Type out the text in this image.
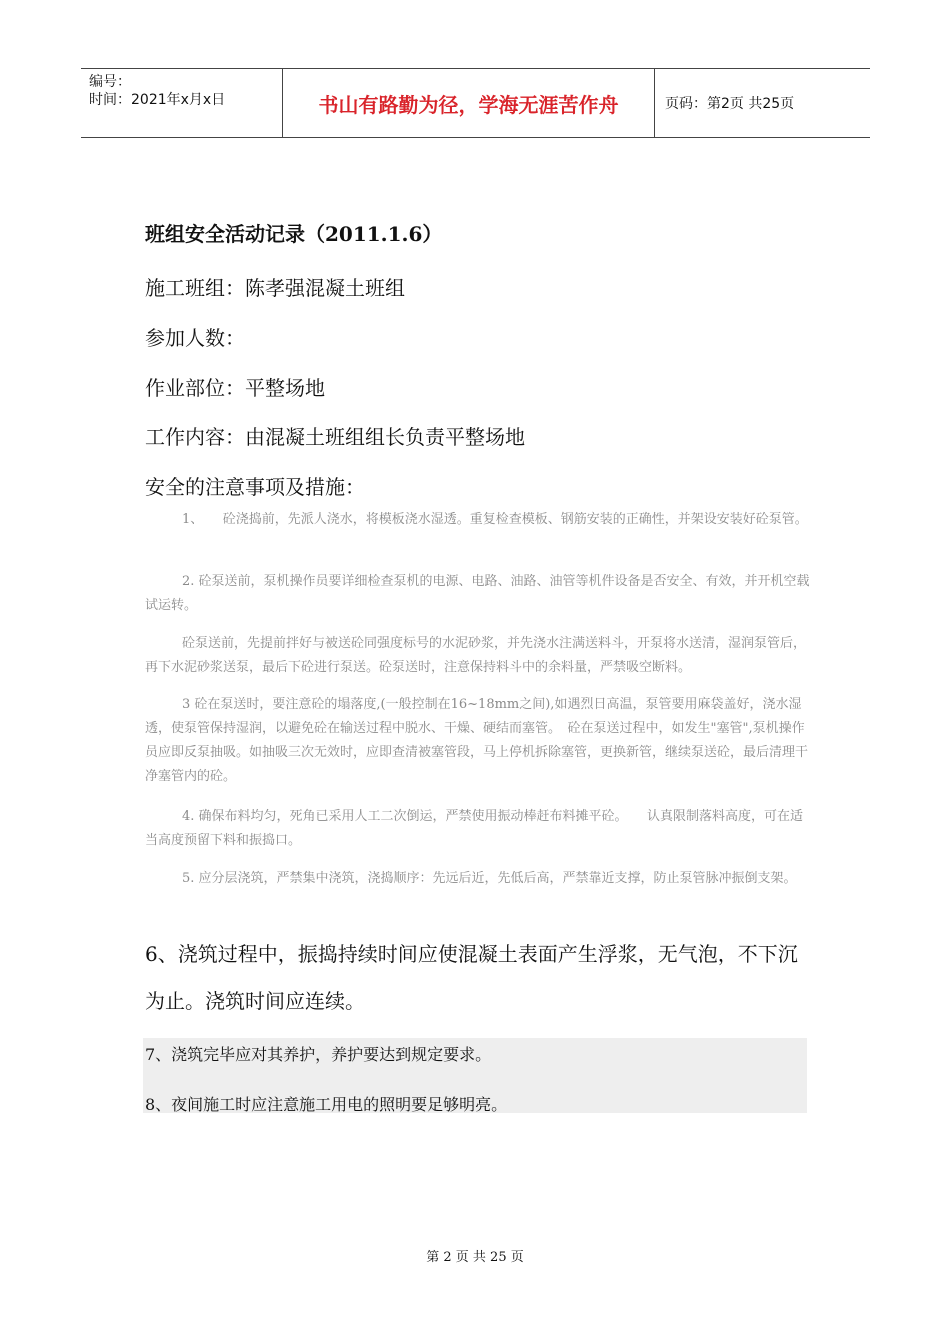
编号：
时间：2021年x月x日	书山有路勤为径，学海无涯苦作舟	页码：第2页 共25页
班组安全活动记录（2011.1.6）
施工班组：陈孝强混凝土班组
参加人数：
作业部位：平整场地
工作内容：由混凝土班组组长负责平整场地
安全的注意事项及措施：
1、　　砼浇捣前，先派人浇水，将模板浇水湿透。重复检查模板、钢筋安装的正确性，并架设安装好砼泵管。
2. 砼泵送前，泵机操作员要详细检查泵机的电源、电路、油路、油管等机件设备是否安全、有效，并开机空载试运转。
砼泵送前，先提前拌好与被送砼同强度标号的水泥砂浆，并先浇水注满送料斗，开泵将水送清，湿润泵管后，再下水泥砂浆送泵，最后下砼进行泵送。砼泵送时，注意保持料斗中的余料量，严禁吸空断料。
3 砼在泵送时，要注意砼的塌落度,(一般控制在16~18mm之间),如遇烈日高温，泵管要用麻袋盖好，浇水湿透，使泵管保持湿润，以避免砼在输送过程中脱水、干燥、硬结而塞管。　砼在泵送过程中，如发生"塞管",泵机操作员应即反泵抽吸。如抽吸三次无效时，应即查清被塞管段，马上停机拆除塞管，更换新管，继续泵送砼，最后清理干净塞管内的砼。
4. 确保布料均匀，死角已采用人工二次倒运，严禁使用振动棒赶布料摊平砼。　　认真限制落料高度，可在适当高度预留下料和振捣口。
5. 应分层浇筑，严禁集中浇筑，浇捣顺序：先远后近，先低后高，严禁靠近支撑，防止泵管脉冲振倒支架。
6、浇筑过程中，振捣持续时间应使混凝土表面产生浮浆，无气泡，不下沉为止。浇筑时间应连续。
7、浇筑完毕应对其养护，养护要达到规定要求。
8、夜间施工时应注意施工用电的照明要足够明亮。
第 2 页 共 25 页
